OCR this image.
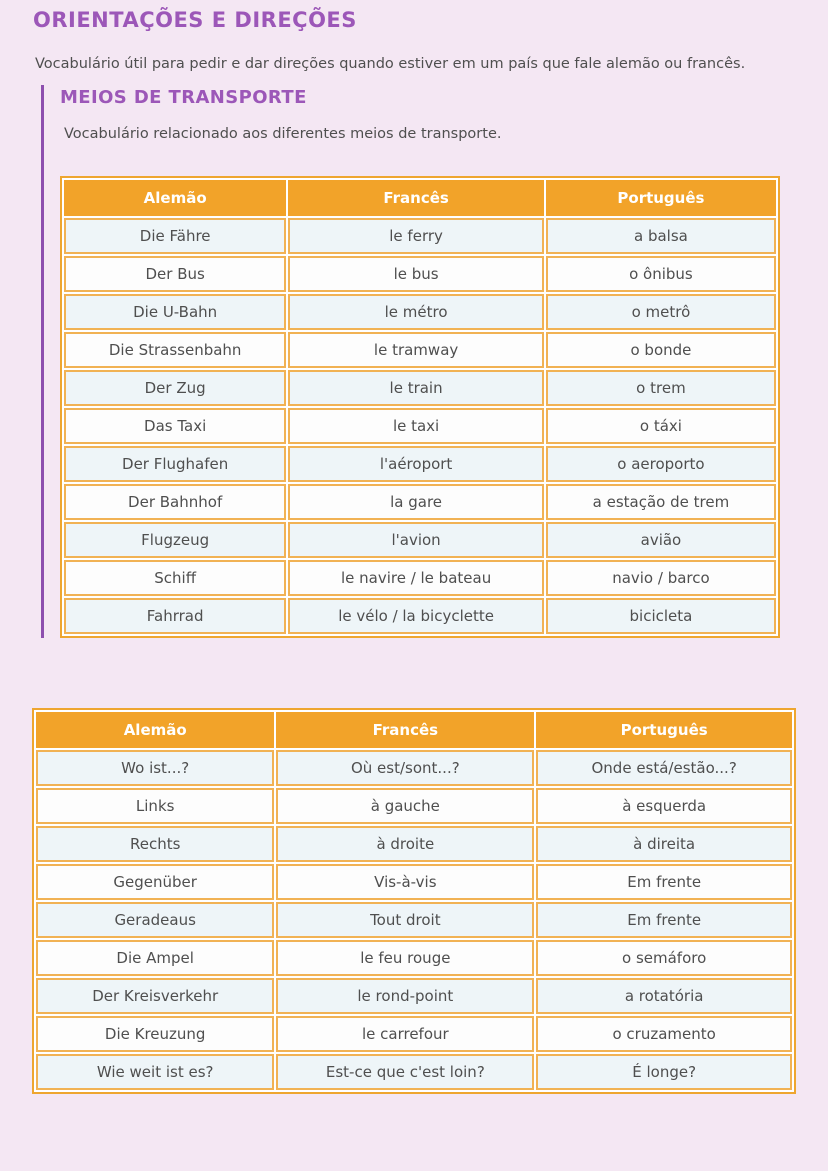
ORIENTAÇÕES E DIREÇÕES

Vocabulário útil para pedir e dar direções quando estiver em um país que fale alemão ou francês.

MEIOS DE TRANSPORTE

Vocabulário relacionado aos diferentes meios de transporte.

Alemão	Francês	Português
Die Fähre	le ferry	a balsa
Der Bus	le bus	o ônibus
Die U-Bahn	le métro	o metrô
Die Strassenbahn	le tramway	o bonde
Der Zug	le train	o trem
Das Taxi	le taxi	o táxi
Der Flughafen	l'aéroport	o aeroporto
Der Bahnhof	la gare	a estação de trem
Flugzeug	l'avion	avião
Schiff	le navire / le bateau	navio / barco
Fahrrad	le vélo / la bicyclette	bicicleta
Alemão	Francês	Português
Wo ist...?	Où est/sont...?	Onde está/estão...?
Links	à gauche	à esquerda
Rechts	à droite	à direita
Gegenüber	Vis-à-vis	Em frente
Geradeaus	Tout droit	Em frente
Die Ampel	le feu rouge	o semáforo
Der Kreisverkehr	le rond-point	a rotatória
Die Kreuzung	le carrefour	o cruzamento
Wie weit ist es?	Est-ce que c'est loin?	É longe?
